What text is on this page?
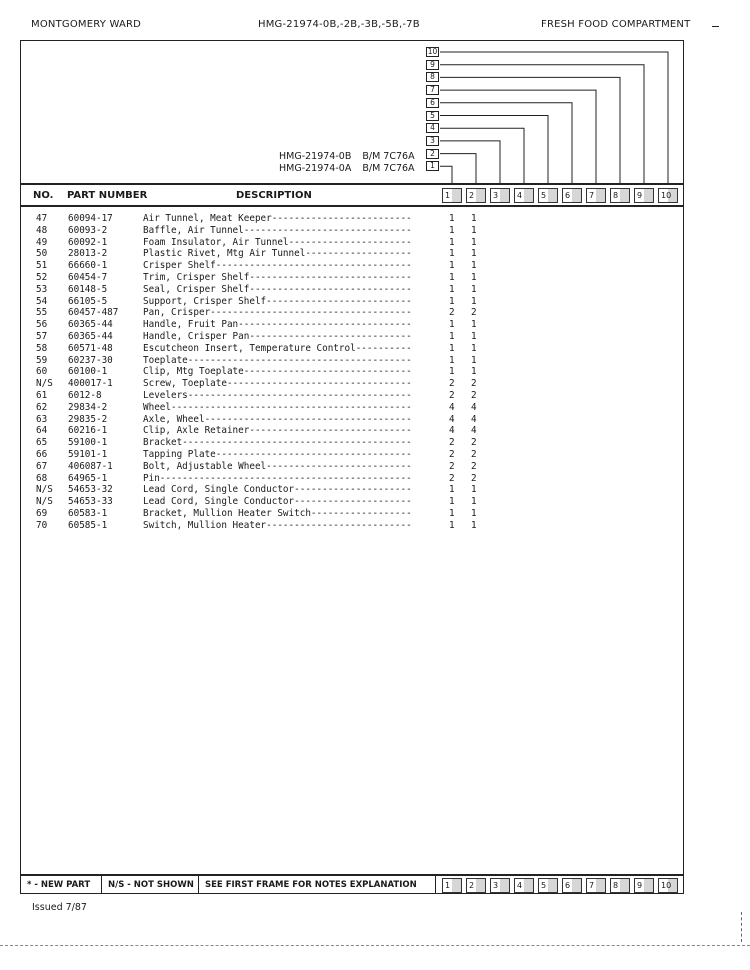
MONTGOMERY WARD	HMG-21974-0B,-2B,-3B,-5B,-7B	FRESH FOOD COMPARTMENT
10
9
8
7
6
5
4
3
2
1
HMG-21974-0B B/M 7C76A
HMG-21974-0A B/M 7C76A
NO. PART NUMBER	DESCRIPTION	1	2	3	4	5	6	7	8	9	10
47 60094-17	Air Tunnel, Meat Keeper-------------------------	1 1
48 60093-2	Baffle, Air Tunnel------------------------------	1 1
49 60092-1	Foam Insulator, Air Tunnel----------------------	1 1
50 28013-2	Plastic Rivet, Mtg Air Tunnel-------------------	1 1
51 66660-1	Crisper Shelf-----------------------------------	1 1
52 60454-7	Trim, Crisper Shelf-----------------------------	1 1
53 60148-5	Seal, Crisper Shelf-----------------------------	1 1
54 66105-5	Support, Crisper Shelf--------------------------	1 1
55 60457-487	Pan, Crisper------------------------------------	2 2
56 60365-44	Handle, Fruit Pan-------------------------------	1 1
57 60365-44	Handle, Crisper Pan-----------------------------	1 1
58 60571-48	Escutcheon Insert, Temperature Control----------	1 1
59 60237-30	Toeplate----------------------------------------	1 1
60 60100-1	Clip, Mtg Toeplate------------------------------	1 1
N/S 400017-1	Screw, Toeplate---------------------------------	2 2
61 6012-8	Levelers----------------------------------------	2 2
62 29834-2	Wheel-------------------------------------------	4 4
63 29835-2	Axle, Wheel-------------------------------------	4 4
64 60216-1	Clip, Axle Retainer-----------------------------	4 4
65 59100-1	Bracket-----------------------------------------	2 2
66 59101-1	Tapping Plate-----------------------------------	2 2
67 406087-1	Bolt, Adjustable Wheel--------------------------	2 2
68 64965-1	Pin---------------------------------------------	2 2
N/S 54653-32	Lead Cord, Single Conductor---------------------	1 1
N/S 54653-33	Lead Cord, Single Conductor---------------------	1 1
69 60583-1	Bracket, Mullion Heater Switch------------------	1 1
70 60585-1	Switch, Mullion Heater--------------------------	1 1
* - NEW PART	N/S - NOT SHOWN	SEE FIRST FRAME FOR NOTES EXPLANATION	1	2	3	4	5	6	7	8	9	10
Issued 7/87
